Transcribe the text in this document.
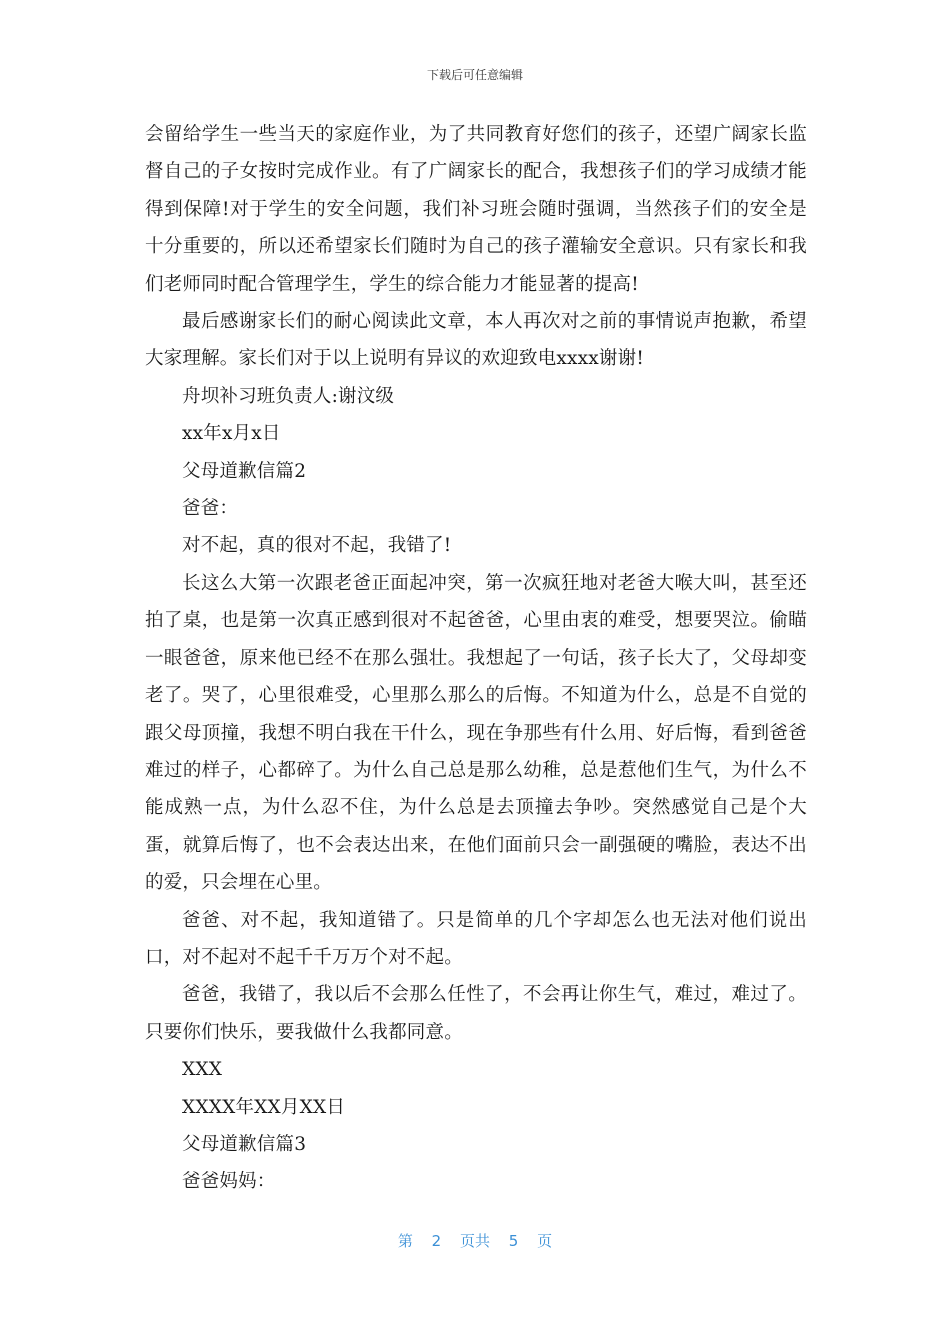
下载后可任意编辑

会留给学生一些当天的家庭作业，为了共同教育好您们的孩子，还望广阔家长监督自己的子女按时完成作业。有了广阔家长的配合，我想孩子们的学习成绩才能得到保障!对于学生的安全问题，我们补习班会随时强调，当然孩子们的安全是十分重要的，所以还希望家长们随时为自己的孩子灌输安全意识。只有家长和我们老师同时配合管理学生，学生的综合能力才能显著的提高!

最后感谢家长们的耐心阅读此文章，本人再次对之前的事情说声抱歉，希望大家理解。家长们对于以上说明有异议的欢迎致电xxxx谢谢!

舟坝补习班负责人:谢汶级

xx年x月x日

父母道歉信篇2

爸爸：

对不起，真的很对不起，我错了!

长这么大第一次跟老爸正面起冲突，第一次疯狂地对老爸大喉大叫，甚至还拍了桌，也是第一次真正感到很对不起爸爸，心里由衷的难受，想要哭泣。偷瞄一眼爸爸，原来他已经不在那么强壮。我想起了一句话，孩子长大了，父母却变老了。哭了，心里很难受，心里那么那么的后悔。不知道为什么，总是不自觉的跟父母顶撞，我想不明白我在干什么，现在争那些有什么用、好后悔，看到爸爸难过的样子，心都碎了。为什么自己总是那么幼稚，总是惹他们生气，为什么不能成熟一点，为什么忍不住，为什么总是去顶撞去争吵。突然感觉自己是个大蛋，就算后悔了，也不会表达出来，在他们面前只会一副强硬的嘴脸，表达不出的爱，只会埋在心里。

爸爸、对不起，我知道错了。只是简单的几个字却怎么也无法对他们说出口，对不起对不起千千万万个对不起。

爸爸，我错了，我以后不会那么任性了，不会再让你生气，难过，难过了。只要你们快乐，要我做什么我都同意。

XXX

XXXX年XX月XX日

父母道歉信篇3

爸爸妈妈：

第 2 页共 5 页
